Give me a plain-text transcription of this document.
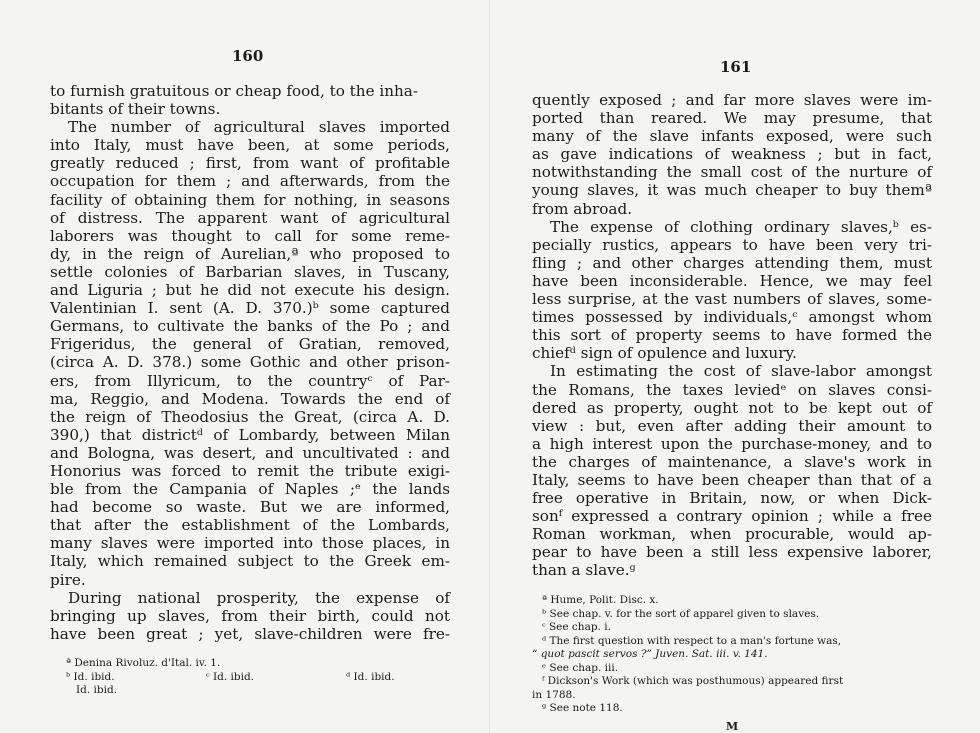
160
to furnish gratuitous or cheap food, to the inha-
bitants of their towns.
The number of agricultural slaves imported
into Italy, must have been, at some periods,
greatly reduced ; first, from want of profitable
occupation for them ; and afterwards, from the
facility of obtaining them for nothing, in seasons
of distress. The apparent want of agricultural
laborers was thought to call for some reme-
dy, in the reign of Aurelian,ª who proposed to
settle colonies of Barbarian slaves, in Tuscany,
and Liguria ; but he did not execute his design.
Valentinian I. sent (A. D. 370.)ᵇ some captured
Germans, to cultivate the banks of the Po ; and
Frigeridus, the general of Gratian, removed,
(circa A. D. 378.) some Gothic and other prison-
ers, from Illyricum, to the countryᶜ of Par-
ma, Reggio, and Modena. Towards the end of
the reign of Theodosius the Great, (circa A. D.
390,) that districtᵈ of Lombardy, between Milan
and Bologna, was desert, and uncultivated : and
Honorius was forced to remit the tribute exigi-
ble from the Campania of Naples ;ᵉ the lands
had become so waste. But we are informed,
that after the establishment of the Lombards,
many slaves were imported into those places, in
Italy, which remained subject to the Greek em-
pire.
During national prosperity, the expense of
bringing up slaves, from their birth, could not
have been great ; yet, slave-children were fre-
ª Denina Rivoluz. d'Ital. iv. 1.
ᵇ Id. ibid.	ᶜ Id. ibid.	ᵈ Id. ibid.
Id. ibid.
161
quently exposed ; and far more slaves were im-
ported than reared. We may presume, that
many of the slave infants exposed, were such
as gave indications of weakness ; but in fact,
notwithstanding the small cost of the nurture of
young slaves, it was much cheaper to buy themª
from abroad.
The expense of clothing ordinary slaves,ᵇ es-
pecially rustics, appears to have been very tri-
fling ; and other charges attending them, must
have been inconsiderable. Hence, we may feel
less surprise, at the vast numbers of slaves, some-
times possessed by individuals,ᶜ amongst whom
this sort of property seems to have formed the
chiefᵈ sign of opulence and luxury.
In estimating the cost of slave-labor amongst
the Romans, the taxes leviedᵉ on slaves consi-
dered as property, ought not to be kept out of
view : but, even after adding their amount to
a high interest upon the purchase-money, and to
the charges of maintenance, a slave's work in
Italy, seems to have been cheaper than that of a
free operative in Britain, now, or when Dick-
sonᶠ expressed a contrary opinion ; while a free
Roman workman, when procurable, would ap-
pear to have been a still less expensive laborer,
than a slave.ᵍ
ª Hume, Polit. Disc. x.
ᵇ See chap. v. for the sort of apparel given to slaves.
ᶜ See chap. i.
ᵈ The first question with respect to a man's fortune was,
“ quot pascit servos ?” Juven. Sat. iii. v. 141.
ᵉ See chap. iii.
ᶠ Dickson's Work (which was posthumous) appeared first
in 1788.
ᵍ See note 118.
M
